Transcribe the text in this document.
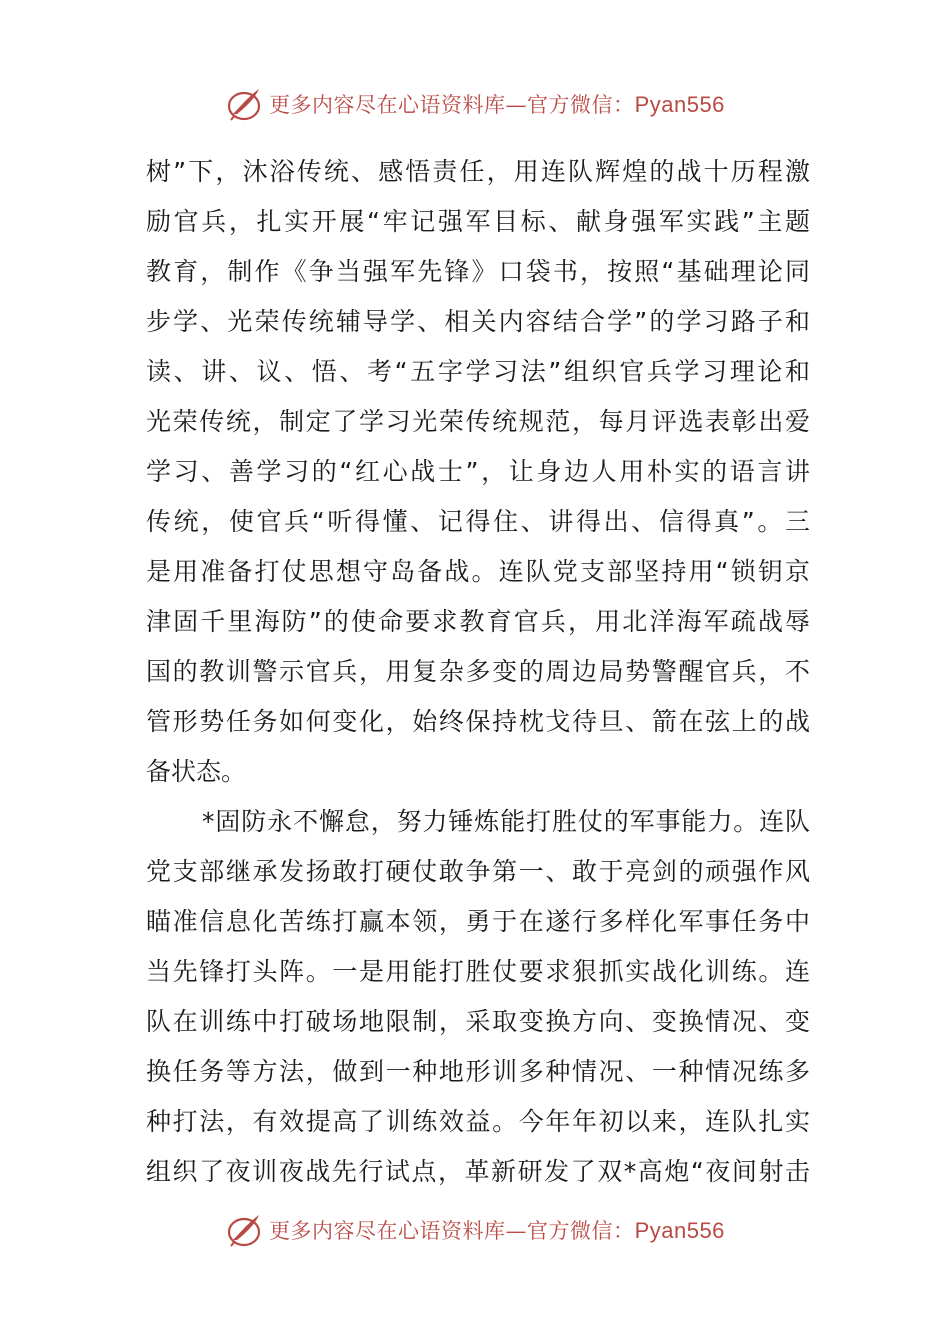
更多内容尽在心语资料库—官方微信：Pyan556
树”下，沐浴传统、感悟责任，用连队辉煌的战十历程激
励官兵，扎实开展“牢记强军目标、献身强军实践”主题
教育，制作《争当强军先锋》口袋书，按照“基础理论同
步学、光荣传统辅导学、相关内容结合学”的学习路子和
读、讲、议、悟、考“五字学习法”组织官兵学习理论和
光荣传统，制定了学习光荣传统规范，每月评选表彰出爱
学习、善学习的“红心战士”，让身边人用朴实的语言讲
传统，使官兵“听得懂、记得住、讲得出、信得真”。三
是用准备打仗思想守岛备战。连队党支部坚持用“锁钥京
津固千里海防”的使命要求教育官兵，用北洋海军疏战辱
国的教训警示官兵，用复杂多变的周边局势警醒官兵，不
管形势任务如何变化，始终保持枕戈待旦、箭在弦上的战
备状态。
*固防永不懈怠，努力锤炼能打胜仗的军事能力。连队
党支部继承发扬敢打硬仗敢争第一、敢于亮剑的顽强作风
瞄准信息化苦练打赢本领，勇于在遂行多样化军事任务中
当先锋打头阵。一是用能打胜仗要求狠抓实战化训练。连
队在训练中打破场地限制，采取变换方向、变换情况、变
换任务等方法，做到一种地形训多种情况、一种情况练多
种打法，有效提高了训练效益。今年年初以来，连队扎实
组织了夜训夜战先行试点，革新研发了双*高炮“夜间射击
更多内容尽在心语资料库—官方微信：Pyan556
